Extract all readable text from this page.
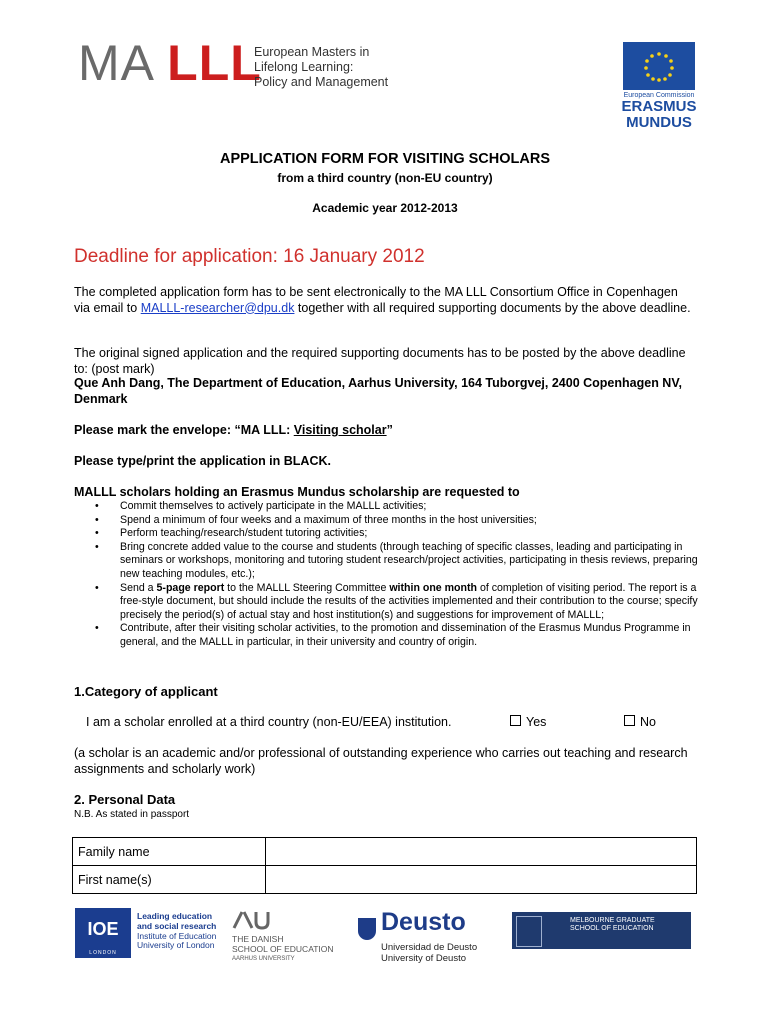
MA LLL
European Masters in
Lifelong Learning:
Policy and Management
European Commission
ERASMUS
MUNDUS
APPLICATION FORM FOR VISITING SCHOLARS
from a third country (non-EU country)
Academic year 2012-2013
Deadline for application: 16 January 2012
The completed application form has to be sent electronically to the MA LLL Consortium Office in Copenhagen via email to MALLL-researcher@dpu.dk together with all required supporting documents by the above deadline.
The original signed application and the required supporting documents has to be posted by the above deadline to: (post mark)
Que Anh Dang, The Department of Education, Aarhus University, 164 Tuborgvej, 2400 Copenhagen NV, Denmark
Please mark the envelope: “MA LLL: Visiting scholar”
Please type/print the application in BLACK.
MALLL scholars holding an Erasmus Mundus scholarship are requested to
• Commit themselves to actively participate in the MALLL activities;
• Spend a minimum of four weeks and a maximum of three months in the host universities;
• Perform teaching/research/student tutoring activities;
• Bring concrete added value to the course and students (through teaching of specific classes, leading and participating in seminars or workshops, monitoring and tutoring student research/project activities, participating in thesis reviews, preparing new teaching modules, etc.);
• Send a 5-page report to the MALLL Steering Committee within one month of completion of visiting period. The report is a free-style document, but should include the results of the activities implemented and their contribution to the course; specify precisely the period(s) of actual stay and host institution(s) and suggestions for improvement of MALLL;
• Contribute, after their visiting scholar activities, to the promotion and dissemination of the Erasmus Mundus Programme in general, and the MALLL in particular, in their university and country of origin.
1.Category of applicant
I am a scholar enrolled at a third country (non-EU/EEA) institution.	Yes	No
(a scholar is an academic and/or professional of outstanding experience who carries out teaching and research assignments and scholarly work)
2. Personal Data
N.B. As stated in passport
Family name	
First name(s)	
IOE
LONDON
Leading education
and social research
Institute of Education
University of London
THE DANISH
SCHOOL OF EDUCATION
AARHUS UNIVERSITY
Deusto
Universidad de Deusto
University of Deusto
MELBOURNE GRADUATE
SCHOOL OF EDUCATION
